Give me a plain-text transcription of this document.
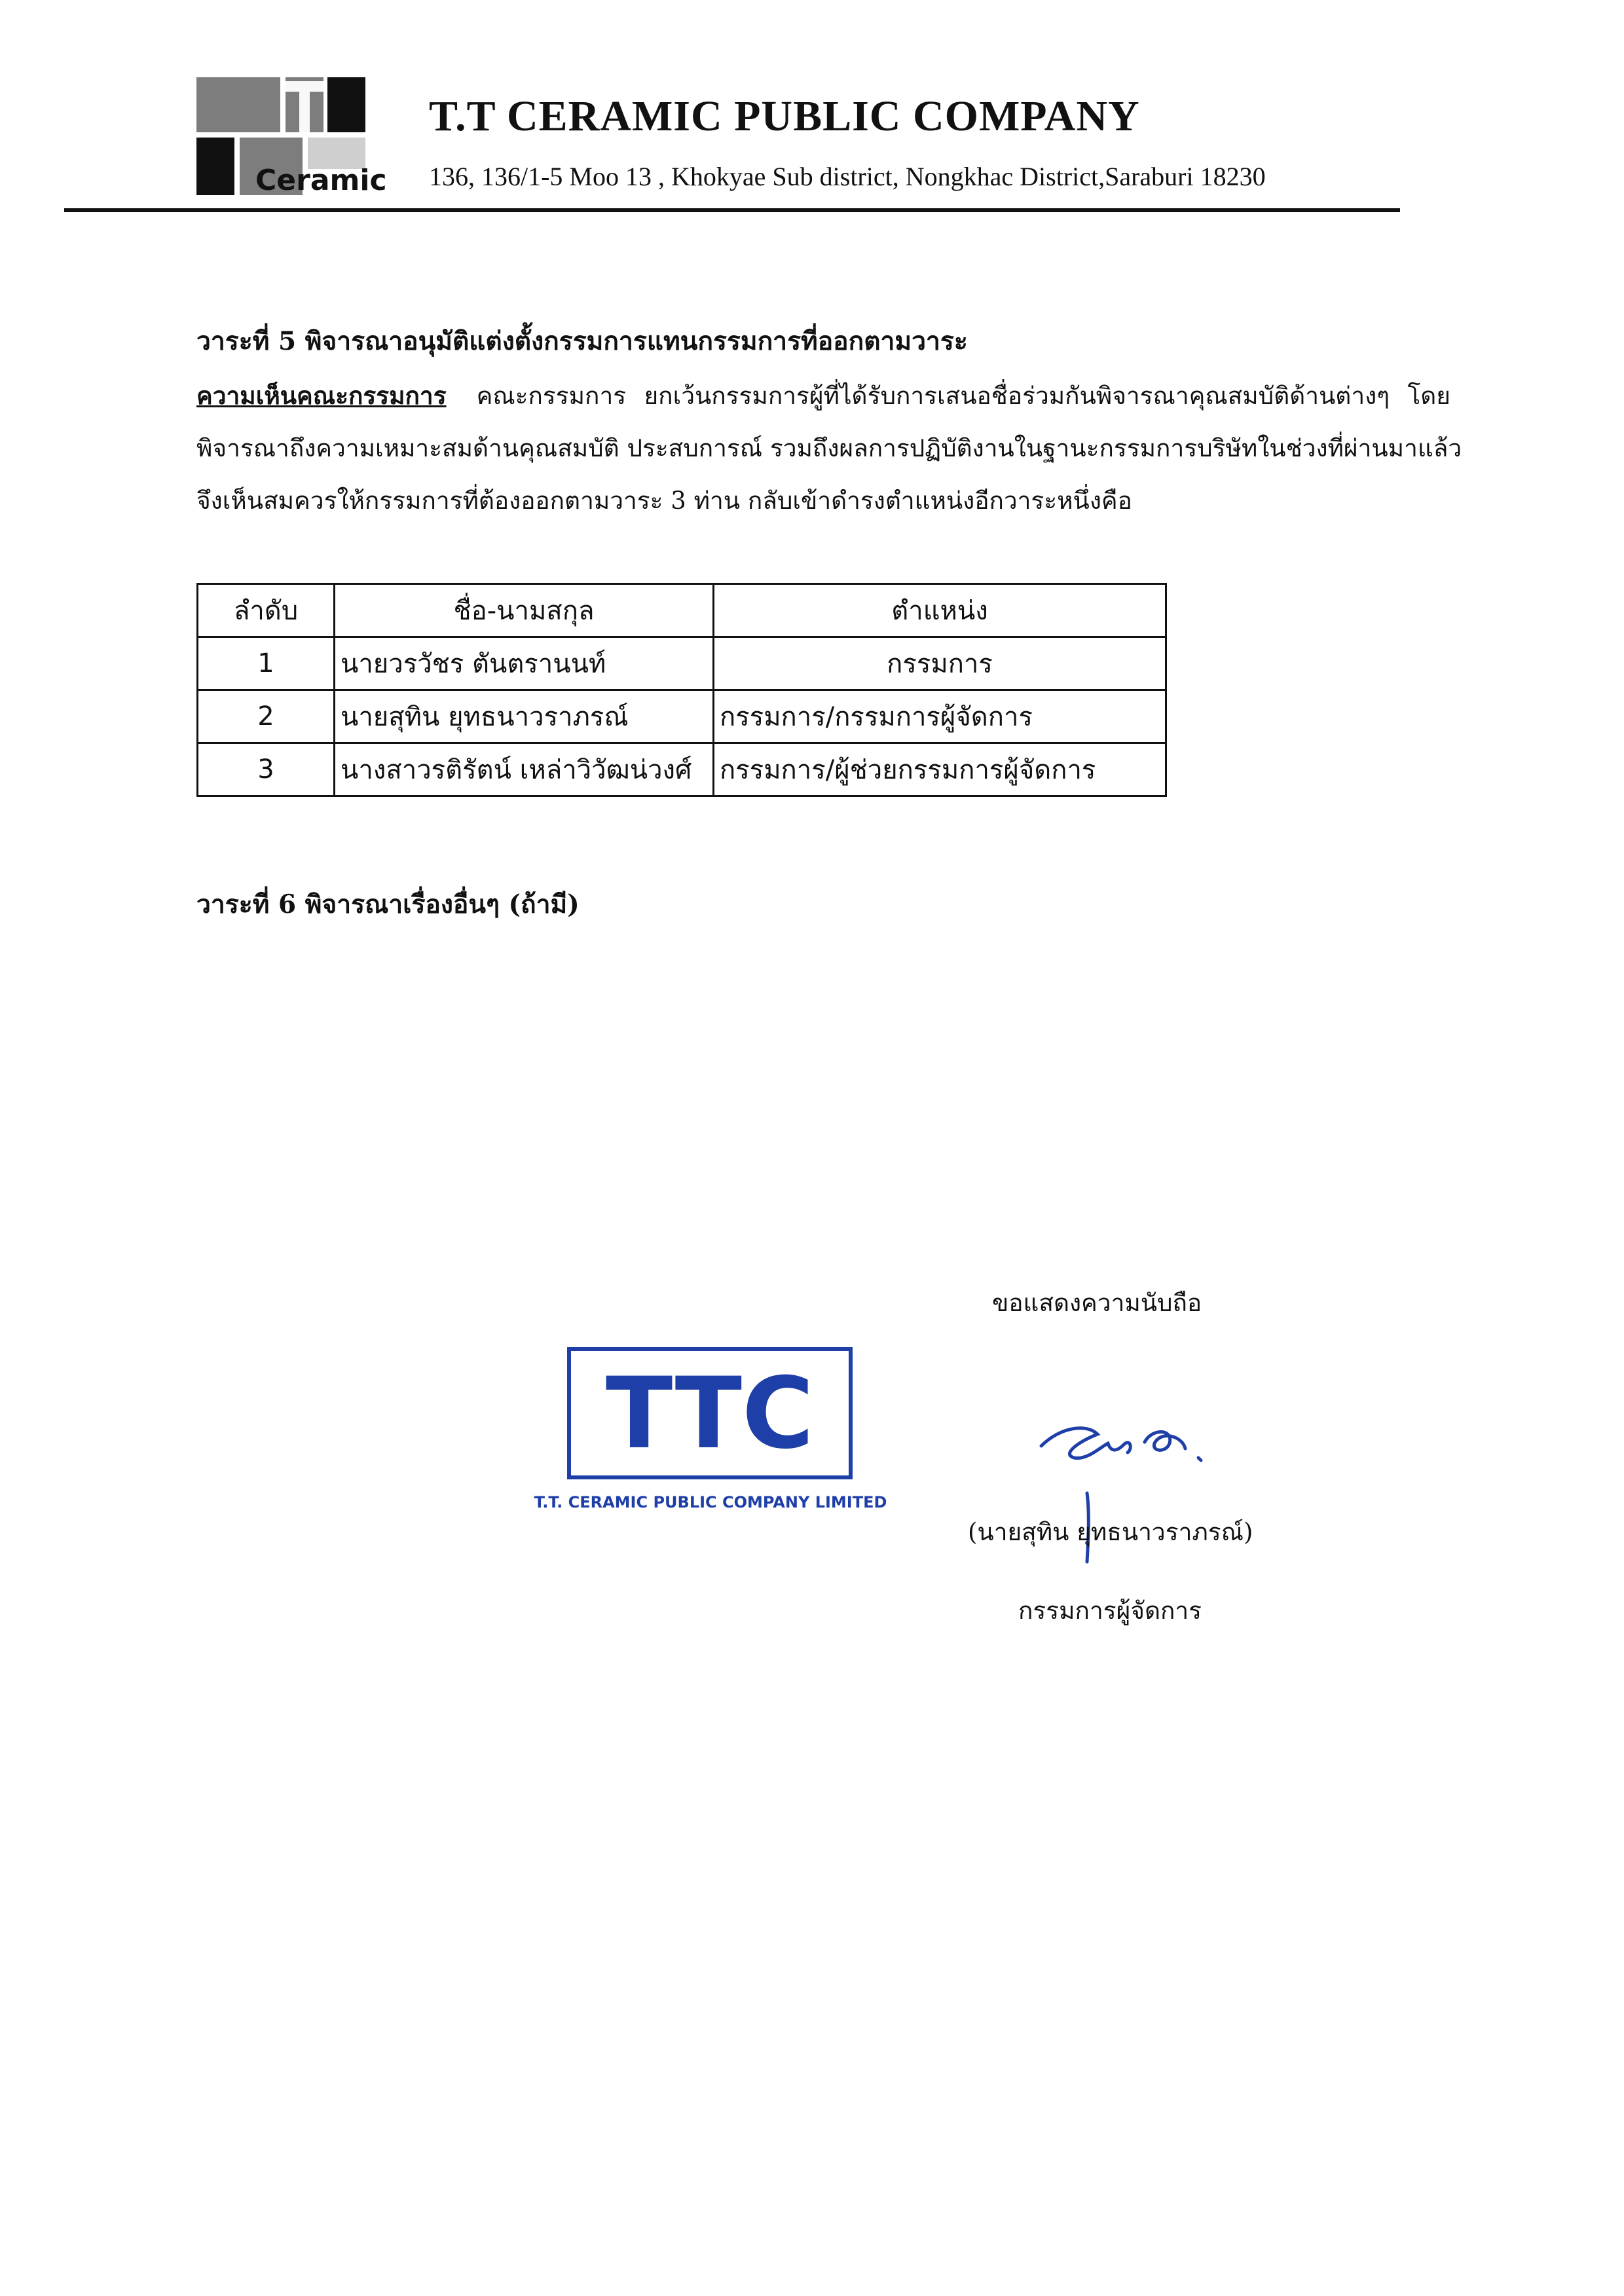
Ceramic
T.T CERAMIC PUBLIC COMPANY
136, 136/1-5 Moo 13 , Khokyae Sub district, Nongkhac District,Saraburi 18230
วาระที่ 5 พิจารณาอนุมัติแต่งตั้งกรรมการแทนกรรมการที่ออกตามวาระ
ความเห็นคณะกรรมการ คณะกรรมการ ยกเว้นกรรมการผู้ที่ได้รับการเสนอชื่อร่วมกันพิจารณาคุณสมบัติด้านต่างๆ โดย
พิจารณาถึงความเหมาะสมด้านคุณสมบัติ ประสบการณ์ รวมถึงผลการปฏิบัติงานในฐานะกรรมการบริษัทในช่วงที่ผ่านมาแล้ว
จึงเห็นสมควรให้กรรมการที่ต้องออกตามวาระ 3 ท่าน กลับเข้าดำรงตำแหน่งอีกวาระหนึ่งคือ
ลำดับ	ชื่อ-นามสกุล	ตำแหน่ง
1	นายวรวัชร ตันตรานนท์	กรรมการ
2	นายสุทิน ยุทธนาวราภรณ์	กรรมการ/กรรมการผู้จัดการ
3	นางสาวรติรัตน์ เหล่าวิวัฒน่วงศ์	กรรมการ/ผู้ช่วยกรรมการผู้จัดการ
วาระที่ 6 พิจารณาเรื่องอื่นๆ (ถ้ามี)
ขอแสดงความนับถือ
TTC
T.T. CERAMIC PUBLIC COMPANY LIMITED
(นายสุทิน ยุทธนาวราภรณ์)
กรรมการผู้จัดการ
